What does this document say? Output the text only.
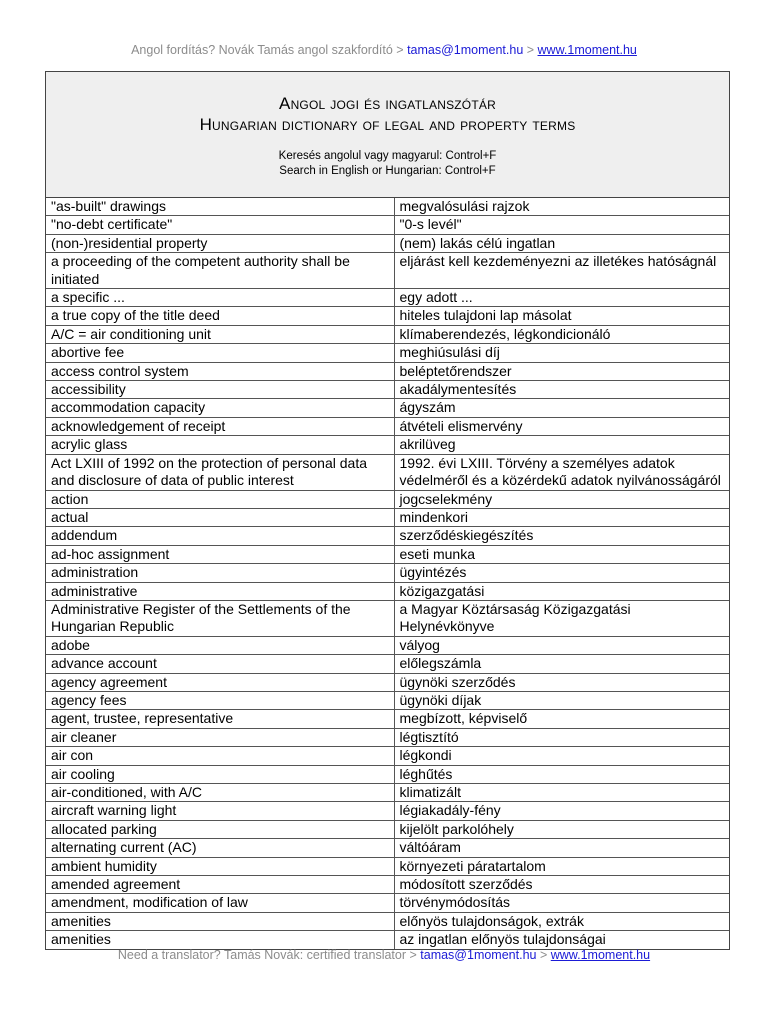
Angol fordítás? Novák Tamás angol szakfordító > tamas@1moment.hu > www.1moment.hu
Angol jogi és ingatlanszótár
Hungarian dictionary of legal and property terms
Keresés angolul vagy magyarul: Control+F
Search in English or Hungarian: Control+F
"as-built" drawings	megvalósulási rajzok
"no-debt certificate"	"0-s levél"
(non-)residential property	(nem) lakás célú ingatlan
a proceeding of the competent authority shall be initiated	eljárást kell kezdeményezni az illetékes hatóságnál
a specific ...	egy adott ...
a true copy of the title deed	hiteles tulajdoni lap másolat
A/C = air conditioning unit	klímaberendezés, légkondicionáló
abortive fee	meghiúsulási díj
access control system	beléptetőrendszer
accessibility	akadálymentesítés
accommodation capacity	ágyszám
acknowledgement of receipt	átvételi elismervény
acrylic glass	akrilüveg
Act LXIII of 1992 on the protection of personal data and disclosure of data of public interest	1992. évi LXIII. Törvény a személyes adatok védelméről és a közérdekű adatok nyilvánosságáról
action	jogcselekmény
actual	mindenkori
addendum	szerződéskiegészítés
ad-hoc assignment	eseti munka
administration	ügyintézés
administrative	közigazgatási
Administrative Register of the Settlements of the Hungarian Republic	a Magyar Köztársaság Közigazgatási Helynévkönyve
adobe	vályog
advance account	előlegszámla
agency agreement	ügynöki szerződés
agency fees	ügynöki díjak
agent, trustee, representative	megbízott, képviselő
air cleaner	légtisztító
air con	légkondi
air cooling	léghűtés
air-conditioned, with A/C	klimatizált
aircraft warning light	légiakadály-fény
allocated parking	kijelölt parkolóhely
alternating current (AC)	váltóáram
ambient humidity	környezeti páratartalom
amended agreement	módosított szerződés
amendment, modification of law	törvénymódosítás
amenities	előnyös tulajdonságok, extrák
amenities	az ingatlan előnyös tulajdonságai
Need a translator? Tamás Novák: certified translator > tamas@1moment.hu > www.1moment.hu
